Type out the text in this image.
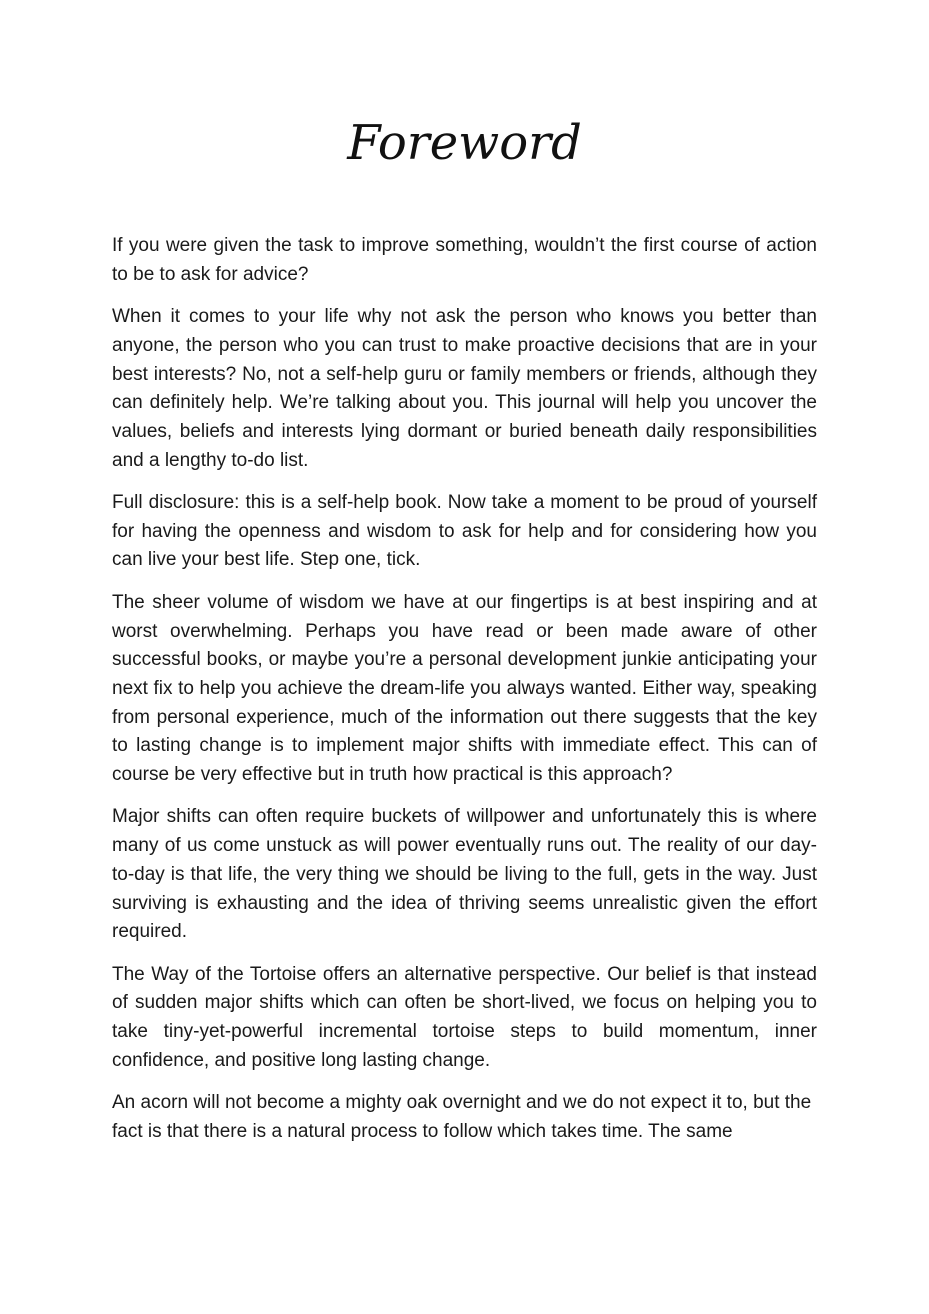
Foreword

If you were given the task to improve something, wouldn’t the first course of action to be to ask for advice?

When it comes to your life why not ask the person who knows you better than anyone, the person who you can trust to make proactive decisions that are in your best interests? No, not a self-help guru or family members or friends, although they can definitely help. We’re talking about you. This journal will help you uncover the values, beliefs and interests lying dormant or buried beneath daily responsibilities and a lengthy to-do list.

Full disclosure: this is a self-help book. Now take a moment to be proud of yourself for having the openness and wisdom to ask for help and for considering how you can live your best life. Step one, tick.

The sheer volume of wisdom we have at our fingertips is at best inspiring and at worst overwhelming. Perhaps you have read or been made aware of other successful books, or maybe you’re a personal development junkie anticipating your next fix to help you achieve the dream-life you always wanted. Either way, speaking from personal experience, much of the information out there suggests that the key to lasting change is to implement major shifts with immediate effect. This can of course be very effective but in truth how practical is this approach?

Major shifts can often require buckets of willpower and unfortunately this is where many of us come unstuck as will power eventually runs out. The reality of our day-to-day is that life, the very thing we should be living to the full, gets in the way. Just surviving is exhausting and the idea of thriving seems unrealistic given the effort required.

The Way of the Tortoise offers an alternative perspective. Our belief is that instead of sudden major shifts which can often be short-lived, we focus on helping you to take tiny-yet-powerful incremental tortoise steps to build momentum, inner confidence, and positive long lasting change.

An acorn will not become a mighty oak overnight and we do not expect it to, but the fact is that there is a natural process to follow which takes time. The same
